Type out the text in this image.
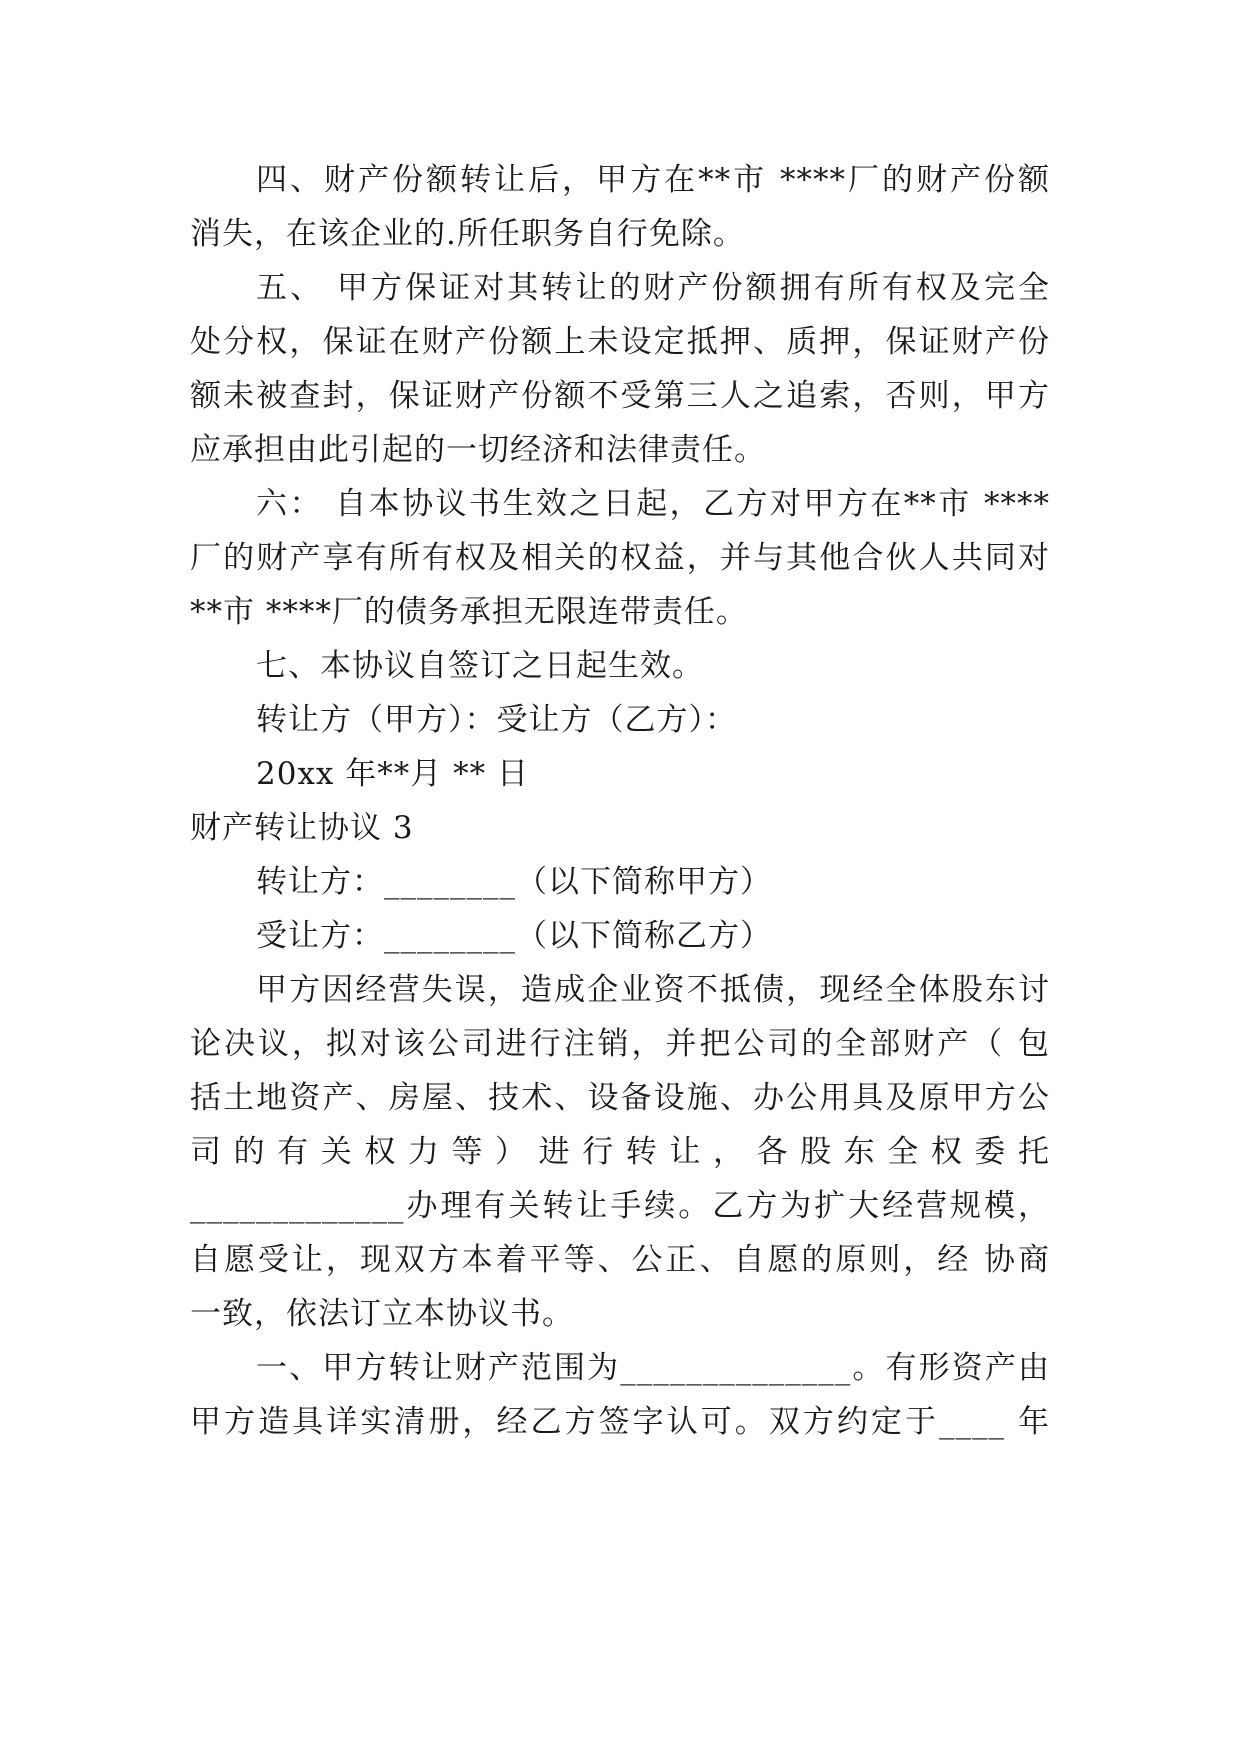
四、财产份额转让后，甲方在**市 ****厂的财产份额
消失，在该企业的.所任职务自行免除。
五、 甲方保证对其转让的财产份额拥有所有权及完全
处分权，保证在财产份额上未设定抵押、质押，保证财产份
额未被查封，保证财产份额不受第三人之追索，否则，甲方
应承担由此引起的一切经济和法律责任。
六： 自本协议书生效之日起，乙方对甲方在**市 ****
厂的财产享有所有权及相关的权益，并与其他合伙人共同对
**市 ****厂的债务承担无限连带责任。
七、本协议自签订之日起生效。
转让方（甲方）：受让方（乙方）：
20xx 年**月 ** 日
财产转让协议 3
转让方：________（以下简称甲方）
受让方：________（以下简称乙方）
甲方因经营失误，造成企业资不抵债，现经全体股东讨
论决议，拟对该公司进行注销，并把公司的全部财产（ 包
括土地资产、房屋、技术、设备设施、办公用具及原甲方公
司的有关权力等）进行转让，各股东全权委托
_____________办理有关转让手续。乙方为扩大经营规模，
自愿受让，现双方本着平等、公正、自愿的原则，经 协商
一致，依法订立本协议书。
一、甲方转让财产范围为______________。有形资产由
甲方造具详实清册，经乙方签字认可。双方约定于____ 年
